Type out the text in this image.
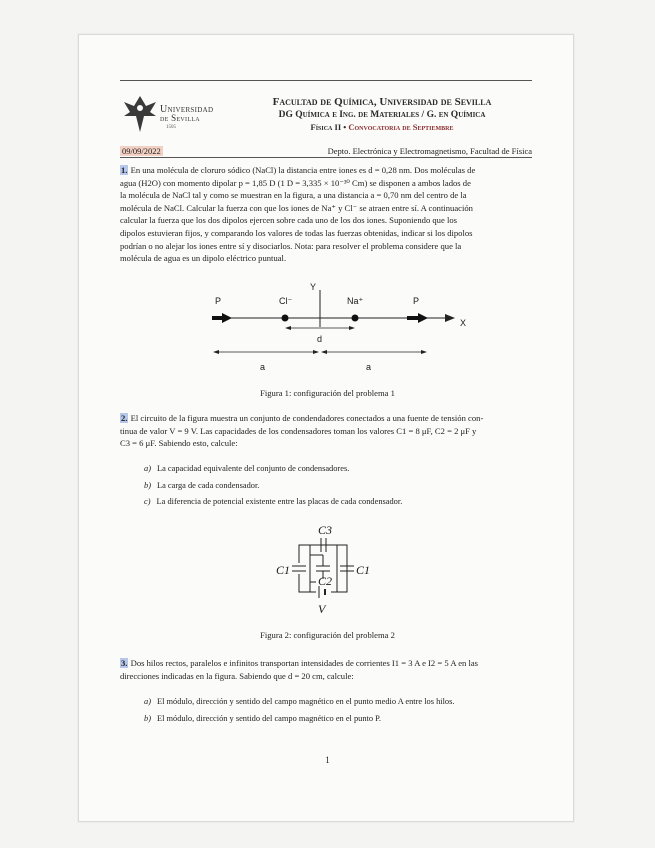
Universidad
de Sevilla
1505
Facultad de Química, Universidad de Sevilla
DG Química e Ing. de Materiales / G. en Química
Física II • Convocatoria de Septiembre
09/09/2022	Depto. Electrónica y Electromagnetismo, Facultad de Física
1. En una molécula de cloruro sódico (NaCl) la distancia entre iones es d = 0,28 nm. Dos moléculas de
agua (H2O) con momento dipolar p = 1,85 D (1 D = 3,335 × 10⁻³⁰ Cm) se disponen a ambos lados de
la molécula de NaCl tal y como se muestran en la figura, a una distancia a = 0,70 nm del centro de la
molécula de NaCl. Calcular la fuerza con que los iones de Na⁺ y Cl⁻ se atraen entre sí. A continuación
calcular la fuerza que los dos dipolos ejercen sobre cada uno de los dos iones. Suponiendo que los
dipolos estuvieran fijos, y comparando los valores de todas las fuerzas obtenidas, indicar si los dipolos
podrían o no alejar los iones entre sí y disociarlos. Nota: para resolver el problema considere que la
molécula de agua es un dipolo eléctrico puntual.
Y
X
P	P
Cl⁻	Na⁺
d
a	a
C3
C1
C2
C1
V
Figura 1: configuración del problema 1
2. El circuito de la figura muestra un conjunto de condendadores conectados a una fuente de tensión con-
tinua de valor V = 9 V. Las capacidades de los condensadores toman los valores C1 = 8 μF, C2 = 2 μF y
C3 = 6 μF. Sabiendo esto, calcule:
a) La capacidad equivalente del conjunto de condensadores.
b) La carga de cada condensador.
c) La diferencia de potencial existente entre las placas de cada condensador.
Figura 2: configuración del problema 2
3. Dos hilos rectos, paralelos e infinitos transportan intensidades de corrientes I1 = 3 A e I2 = 5 A en las
direcciones indicadas en la figura. Sabiendo que d = 20 cm, calcule:
a) El módulo, dirección y sentido del campo magnético en el punto medio A entre los hilos.
b) El módulo, dirección y sentido del campo magnético en el punto P.
1
